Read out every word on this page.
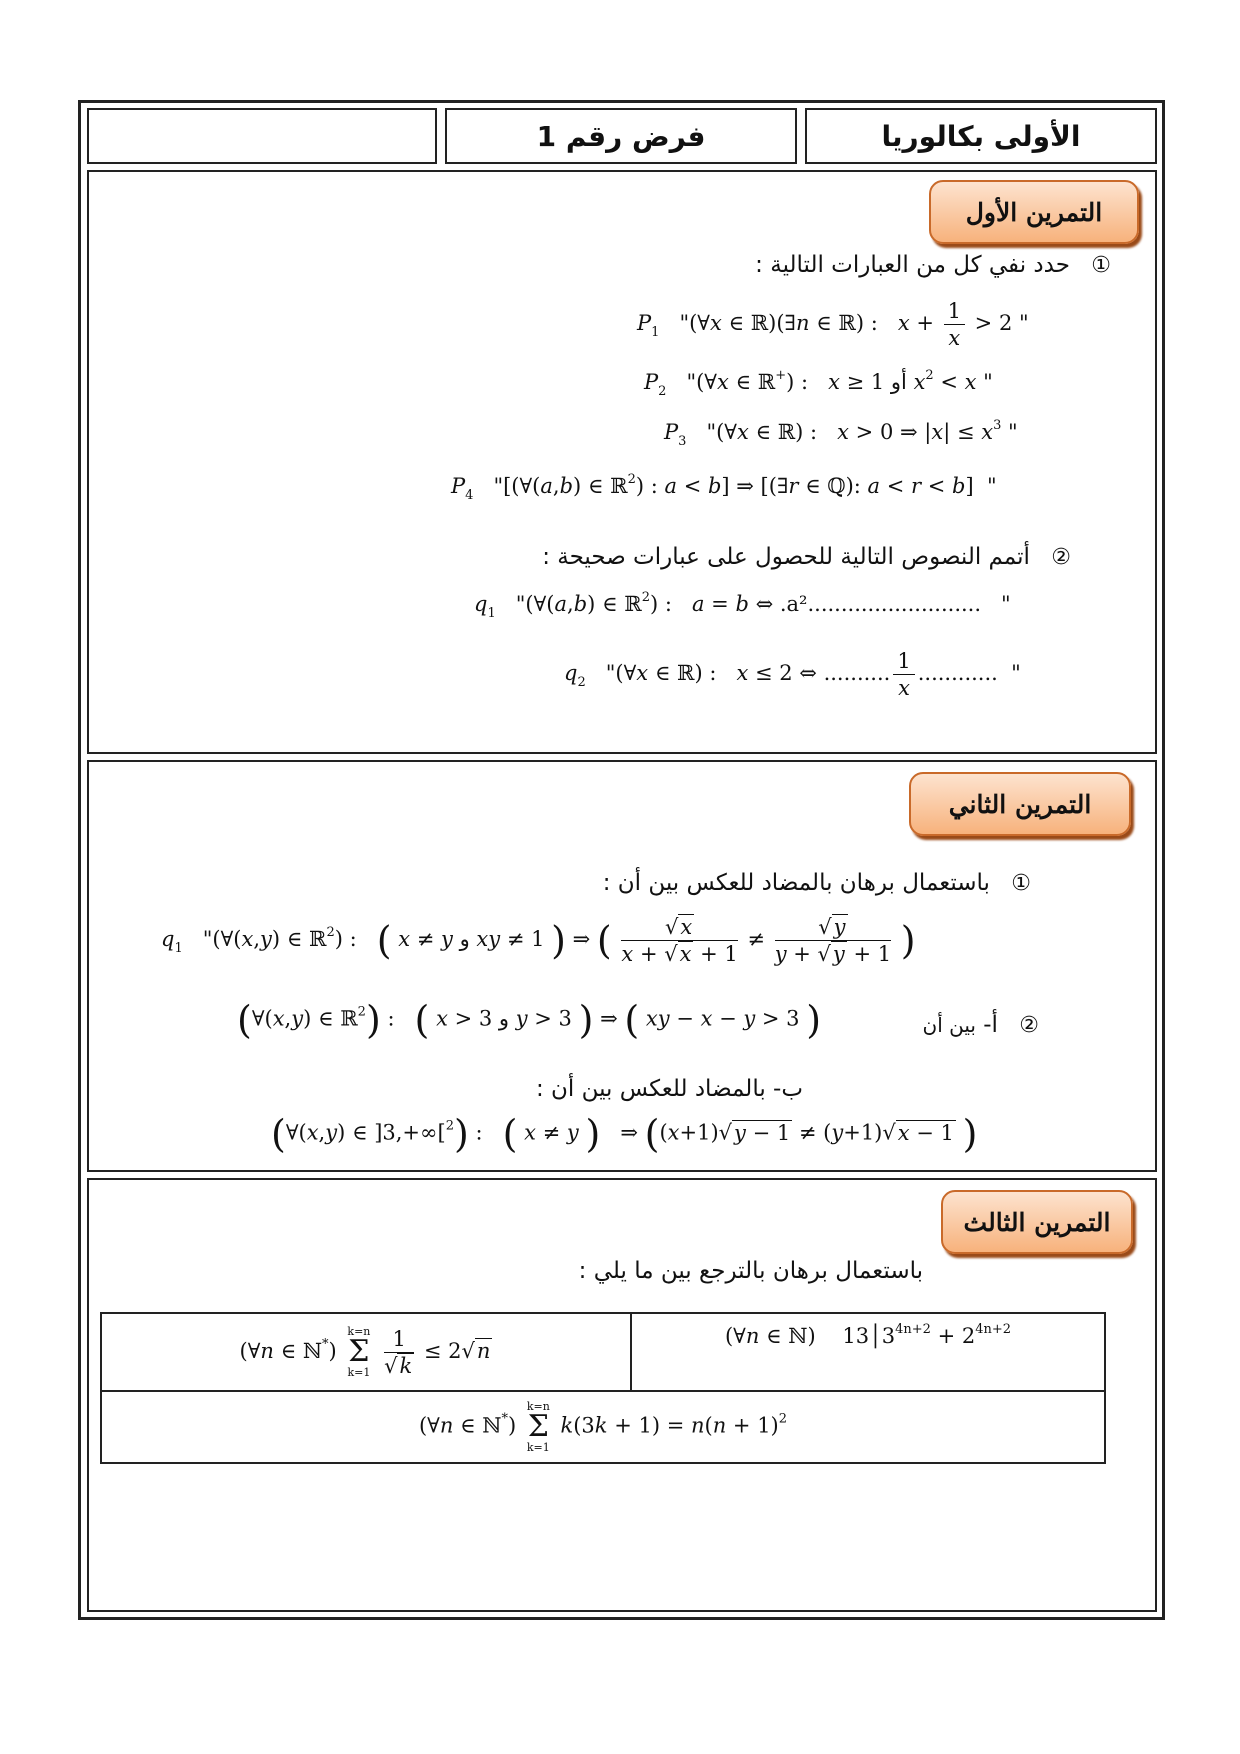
الأولى بكالوريا
فرض رقم 1
التمرين الأول
① حدد نفي كل من العبارات التالية :
$P_1$   "(∀x ∈ ℝ)(∃n ∈ ℝ) :   $x + \frac{1}{x} > 2$ "
$P_2$   "(∀x ∈ ℝ+) :   x ≥ 1 أو $x^2 < x$ "
$P_3$   "(∀x ∈ ℝ) :   x > 0 ⇒ $|x| \le x^3$ "
$P_4$   "[(∀(a,b) ∈ ℝ$^2$) : a < b] ⇒ [(∃r ∈ ℚ): a < r < b]  "
② أتمم النصوص التالية للحصول على عبارات صحيحة :
$q_1$   "(∀(a,b) ∈ ℝ$^2$) :   a = b ⇔ .a²..........................   "
$q_2$   "(∀x ∈ ℝ) :   x ≤ 2 ⇔ .......... $\frac{1}{x}$ ............  "
التمرين الثاني
① باستعمال برهان بالمضاد للعكس بين أن :
$q_1$   "(∀(x,y) ∈ ℝ$^2$) :   ( x ≠ y و xy ≠ 1 ) ⇒ ( $\frac{√x}{x + √x + 1} \ne \frac{√y}{y + √y + 1}$ )
(∀(x,y) ∈ ℝ$^2$) :   ( x > 3 و y > 3 ) ⇒ ( xy − x − y > 3 )	② أ- بين أن
ب- بالمضاد للعكس بين أن :
(∀(x,y) ∈ ]3,+∞[$^2$) :   ( x ≠ y )   ⇒ ((x+1)√y − 1 ≠ (y+1)√x − 1 )
التمرين الثالث
باستعمال برهان بالترجع بين ما يلي :
(∀n ∈ ℕ)    $13│3^{4n+2} + 2^{4n+2}$
(∀n ∈ ℕ*)
k=n
Σ
k=1
$\frac{1}{√k} \le 2√n$
(∀n ∈ ℕ*)
k=n
Σ
k=1
$k(3k + 1) = n(n + 1)^2$
